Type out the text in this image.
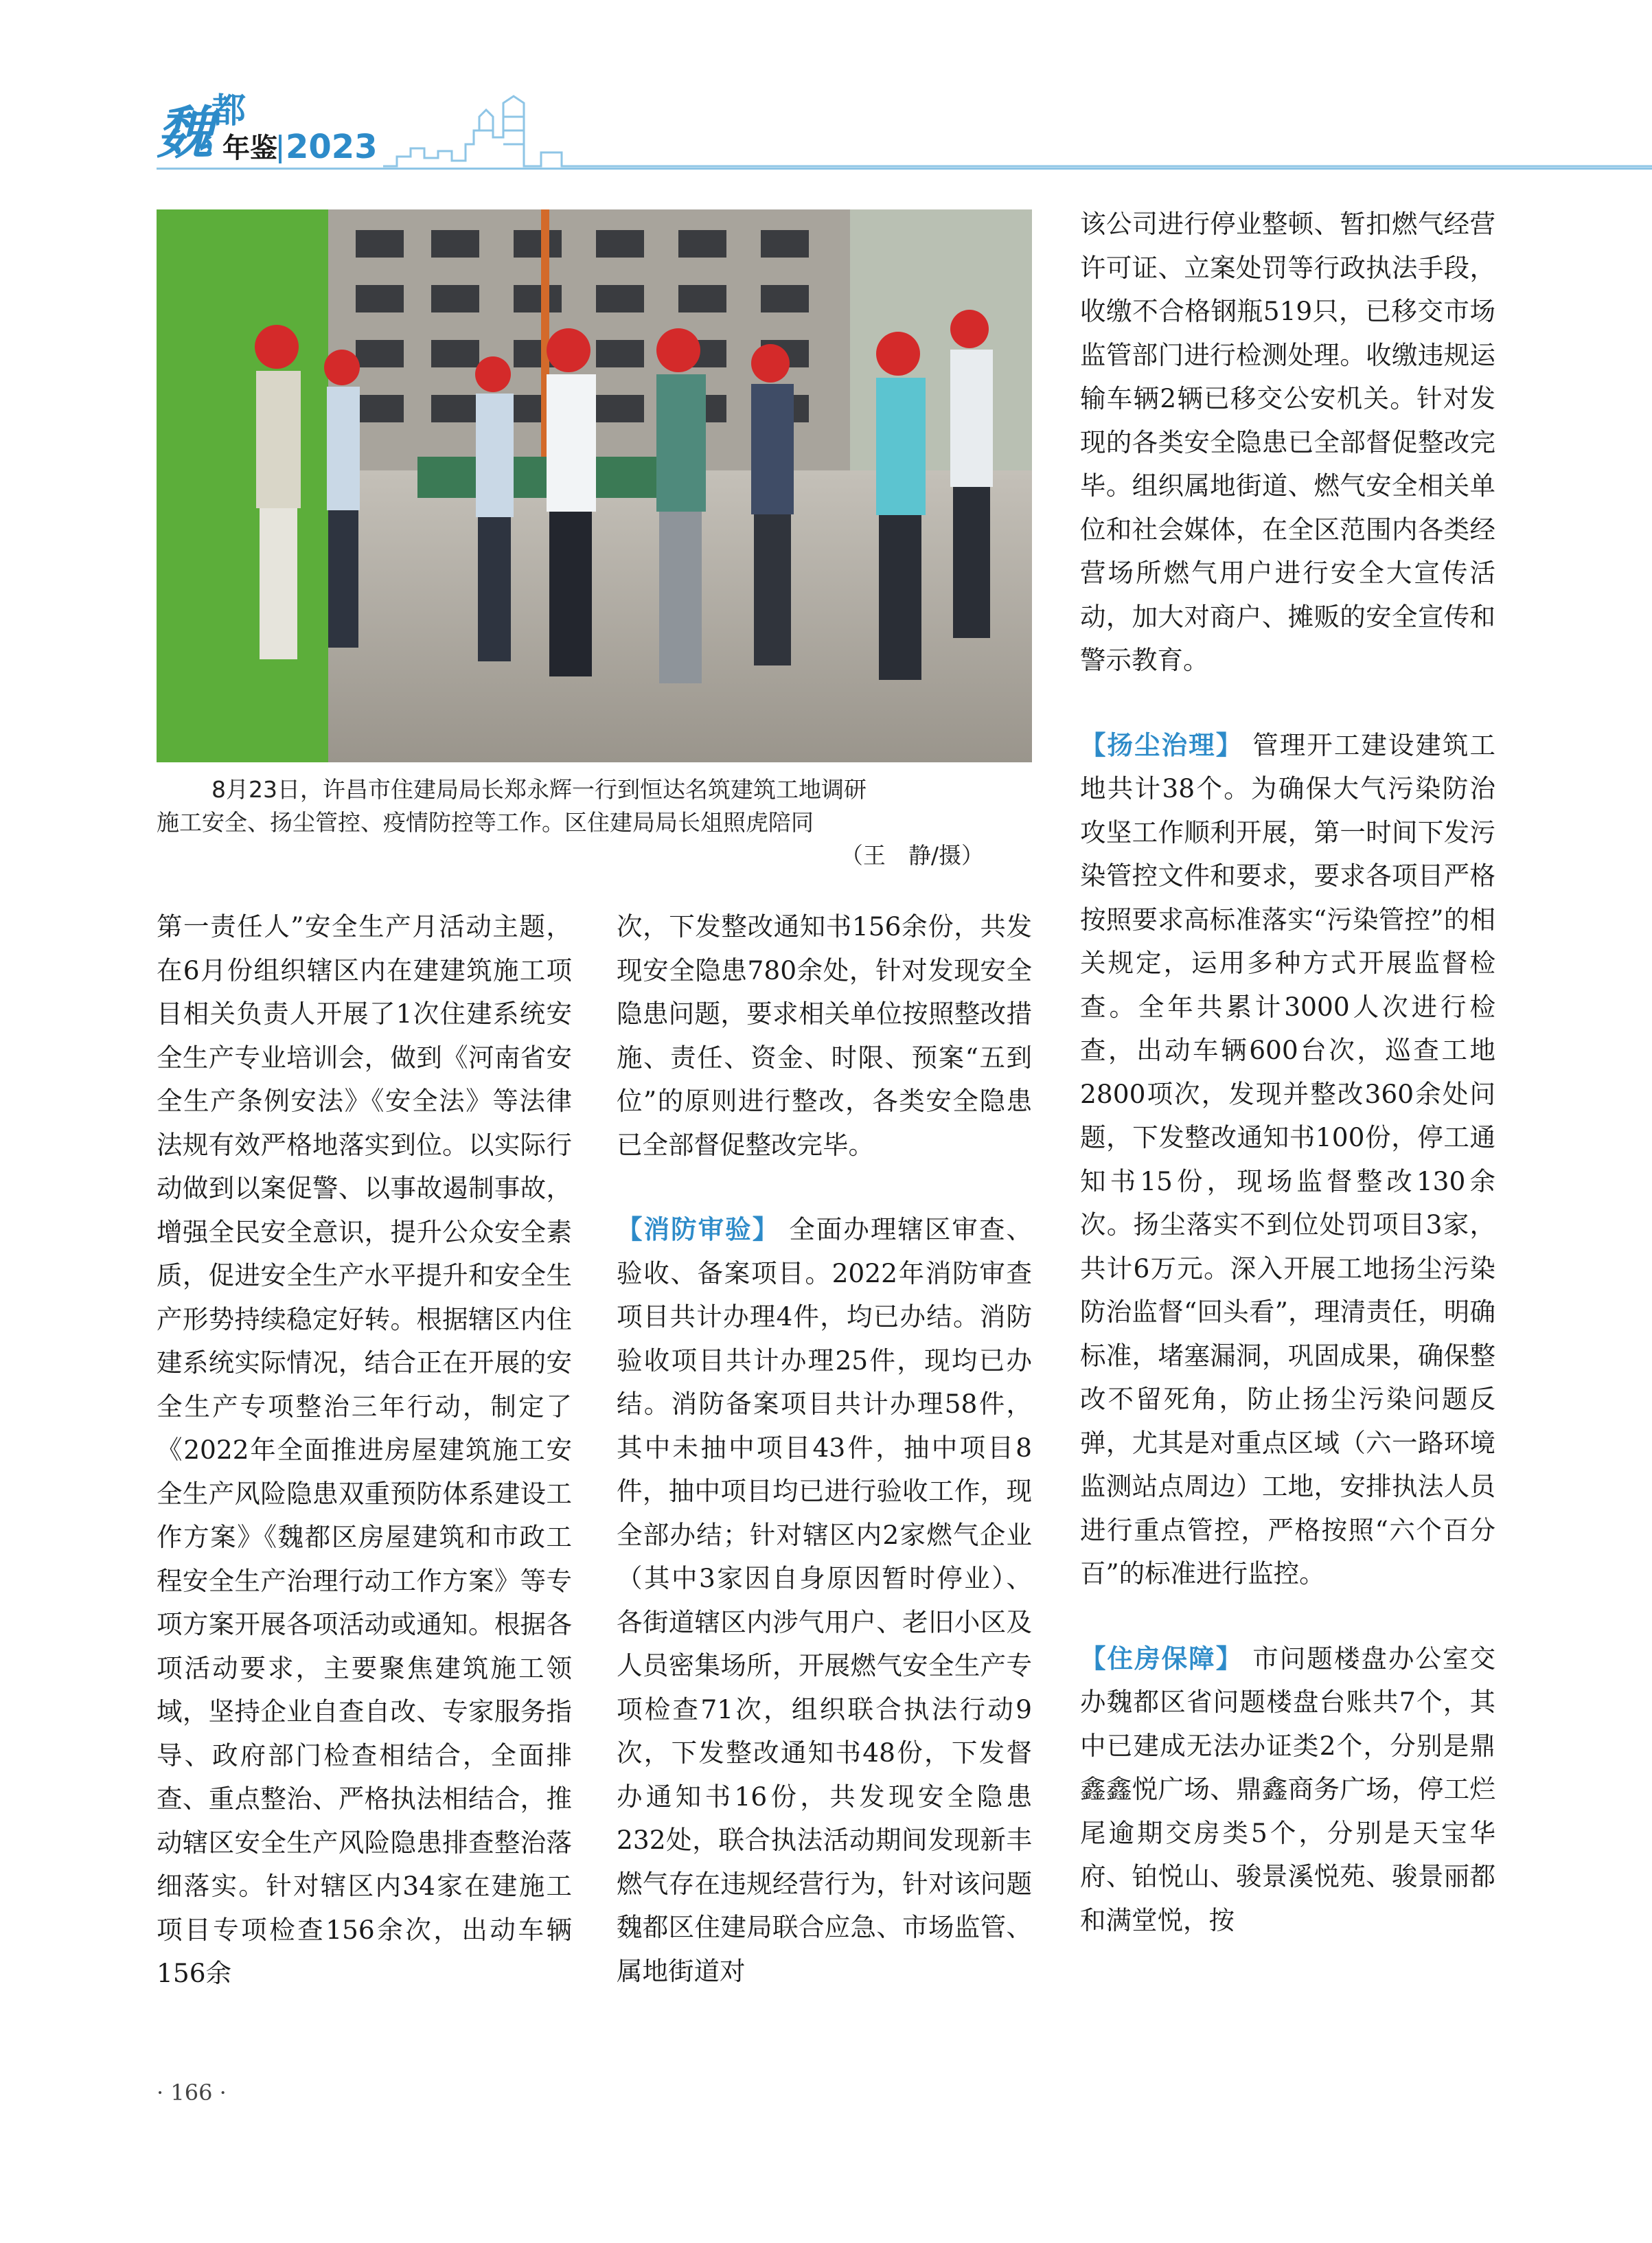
魏
都
年鉴 2023
8月23日，许昌市住建局局长郑永辉一行到恒达名筑建筑工地调研
施工安全、扬尘管控、疫情防控等工作。区住建局局长俎照虎陪同
（王　静/摄）

第一责任人”安全生产月活动主题，在6月份组织辖区内在建建筑施工项目相关负责人开展了1次住建系统安全生产专业培训会，做到《河南省安全生产条例安法》《安全法》等法律法规有效严格地落实到位。以实际行动做到以案促警、以事故遏制事故，增强全民安全意识，提升公众安全素质，促进安全生产水平提升和安全生产形势持续稳定好转。根据辖区内住建系统实际情况，结合正在开展的安全生产专项整治三年行动，制定了《2022年全面推进房屋建筑施工安全生产风险隐患双重预防体系建设工作方案》《魏都区房屋建筑和市政工程安全生产治理行动工作方案》等专项方案开展各项活动或通知。根据各项活动要求，主要聚焦建筑施工领域，坚持企业自查自改、专家服务指导、政府部门检查相结合，全面排查、重点整治、严格执法相结合，推动辖区安全生产风险隐患排查整治落细落实。针对辖区内34家在建施工项目专项检查156余次，出动车辆156余

次，下发整改通知书156余份，共发现安全隐患780余处，针对发现安全隐患问题，要求相关单位按照整改措施、责任、资金、时限、预案“五到位”的原则进行整改，各类安全隐患已全部督促整改完毕。

【消防审验】 全面办理辖区审查、验收、备案项目。2022年消防审查项目共计办理4件，均已办结。消防验收项目共计办理25件，现均已办结。消防备案项目共计办理58件，其中未抽中项目43件，抽中项目8件，抽中项目均已进行验收工作，现全部办结；针对辖区内2家燃气企业（其中3家因自身原因暂时停业）、各街道辖区内涉气用户、老旧小区及人员密集场所，开展燃气安全生产专项检查71次，组织联合执法行动9次，下发整改通知书48份，下发督办通知书16份，共发现安全隐患232处，联合执法活动期间发现新丰燃气存在违规经营行为，针对该问题魏都区住建局联合应急、市场监管、属地街道对

该公司进行停业整顿、暂扣燃气经营许可证、立案处罚等行政执法手段，收缴不合格钢瓶519只，已移交市场监管部门进行检测处理。收缴违规运输车辆2辆已移交公安机关。针对发现的各类安全隐患已全部督促整改完毕。组织属地街道、燃气安全相关单位和社会媒体，在全区范围内各类经营场所燃气用户进行安全大宣传活动，加大对商户、摊贩的安全宣传和警示教育。

【扬尘治理】 管理开工建设建筑工地共计38个。为确保大气污染防治攻坚工作顺利开展，第一时间下发污染管控文件和要求，要求各项目严格按照要求高标准落实“污染管控”的相关规定，运用多种方式开展监督检查。全年共累计3000人次进行检查，出动车辆600台次，巡查工地2800项次，发现并整改360余处问题，下发整改通知书100份，停工通知书15份，现场监督整改130余次。扬尘落实不到位处罚项目3家，共计6万元。深入开展工地扬尘污染防治监督“回头看”，理清责任，明确标准，堵塞漏洞，巩固成果，确保整改不留死角，防止扬尘污染问题反弹，尤其是对重点区域（六一路环境监测站点周边）工地，安排执法人员进行重点管控，严格按照“六个百分百”的标准进行监控。

【住房保障】 市问题楼盘办公室交办魏都区省问题楼盘台账共7个，其中已建成无法办证类2个，分别是鼎鑫鑫悦广场、鼎鑫商务广场，停工烂尾逾期交房类5个，分别是天宝华府、铂悦山、骏景溪悦苑、骏景丽都和满堂悦，按

· 166 ·
